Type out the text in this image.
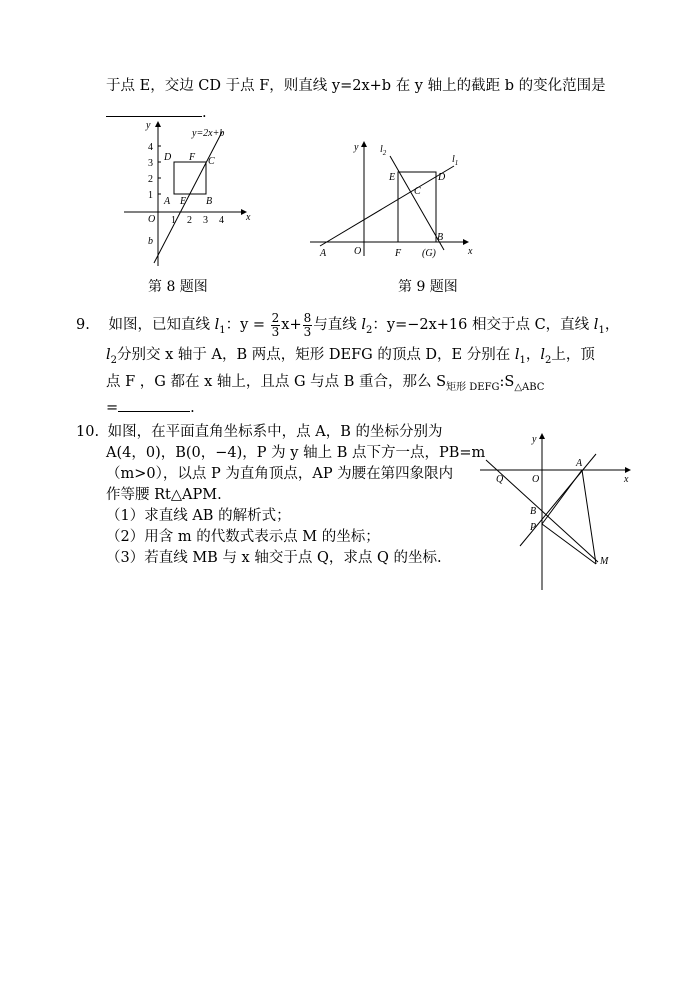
于点 E，交边 CD 于点 F，则直线 y=2x+b 在 y 轴上的截距 b 的变化范围是
.
x
y
O
4
3
2
1
1 2 3 4
y=2x+b
D F C
A E B
b
第 8 题图
x
y
O
$l_1$
$l_2$
E	D
C
A	F (G)
B
第 9 题图
9. 如图，已知直线 $l_1$：$y = \frac{2}{3} x+ \frac{8}{3}$ 与直线 $l_2$：y=−2x+16 相交于点 C，直线 $l_1$，
$l_2$分别交 x 轴于 A，B 两点，矩形 DEFG 的顶点 D，E 分别在 $l_1$，$l_2$上，顶
点 F ，G 都在 x 轴上，且点 G 与点 B 重合，那么 $S_{矩形 DEFG}:S_{\triangle ABC}$
=	.
10. 如图，在平面直角坐标系中，点 A，B 的坐标分别为
A(4，0)，B(0，−4)，P 为 y 轴上 B 点下方一点，PB=m
（m>0），以点 P 为直角顶点，AP 为腰在第四象限内
作等腰 Rt△APM.
（1）求直线 AB 的解析式；
（2）用含 m 的代数式表示点 M 的坐标；
（3）若直线 MB 与 x 轴交于点 Q，求点 Q 的坐标.
x
y
O
Q
A
B
P
M
